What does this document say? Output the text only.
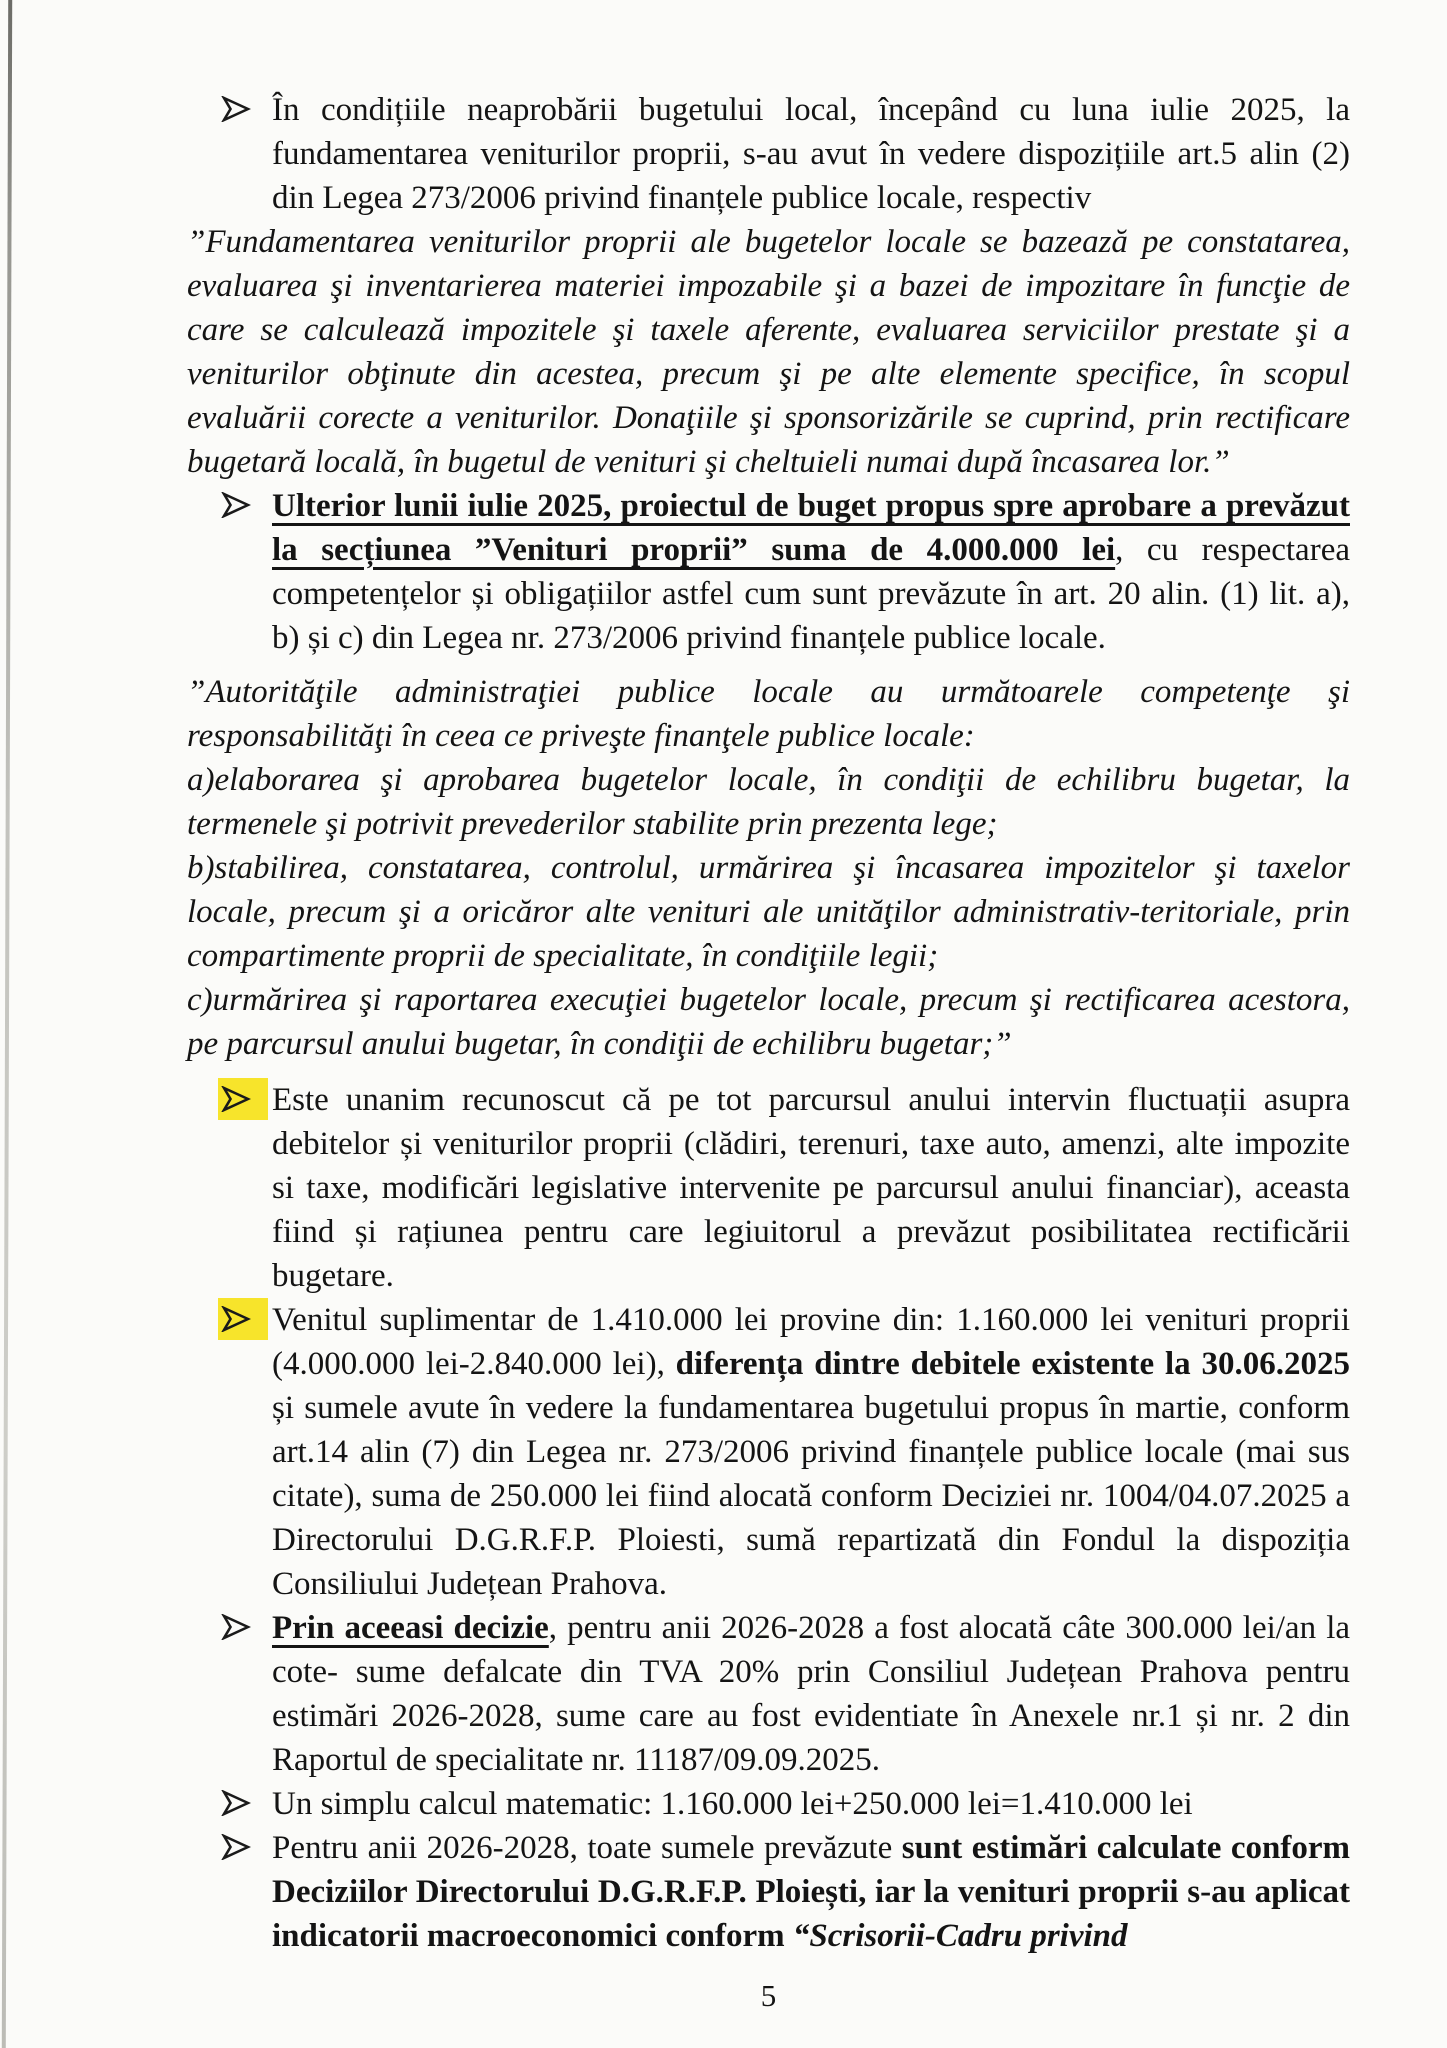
În condițiile neaprobării bugetului local, începând cu luna iulie 2025, la fundamentarea veniturilor proprii, s-au avut în vedere dispozițiile art.5 alin (2) din Legea 273/2006 privind finanțele publice locale, respectiv

”Fundamentarea veniturilor proprii ale bugetelor locale se bazează pe constatarea, evaluarea şi inventarierea materiei impozabile şi a bazei de impozitare în funcţie de care se calculează impozitele şi taxele aferente, evaluarea serviciilor prestate şi a veniturilor obţinute din acestea, precum şi pe alte elemente specifice, în scopul evaluării corecte a veniturilor. Donaţiile şi sponsorizările se cuprind, prin rectificare bugetară locală, în bugetul de venituri şi cheltuieli numai după încasarea lor.”

Ulterior lunii iulie 2025, proiectul de buget propus spre aprobare a prevăzut la secțiunea ”Venituri proprii” suma de 4.000.000 lei, cu respectarea competențelor și obligațiilor astfel cum sunt prevăzute în art. 20 alin. (1) lit. a), b) și c) din Legea nr. 273/2006 privind finanțele publice locale.

”Autorităţile administraţiei publice locale au următoarele competenţe şi responsabilităţi în ceea ce priveşte finanţele publice locale:

a)elaborarea şi aprobarea bugetelor locale, în condiţii de echilibru bugetar, la termenele şi potrivit prevederilor stabilite prin prezenta lege;

b)stabilirea, constatarea, controlul, urmărirea şi încasarea impozitelor şi taxelor locale, precum şi a oricăror alte venituri ale unităţilor administrativ-teritoriale, prin compartimente proprii de specialitate, în condiţiile legii;

c)urmărirea şi raportarea execuţiei bugetelor locale, precum şi rectificarea acestora, pe parcursul anului bugetar, în condiţii de echilibru bugetar;”

Este unanim recunoscut că pe tot parcursul anului intervin fluctuații asupra debitelor și veniturilor proprii (clădiri, terenuri, taxe auto, amenzi, alte impozite si taxe, modificări legislative intervenite pe parcursul anului financiar), aceasta fiind și rațiunea pentru care legiuitorul a prevăzut posibilitatea rectificării bugetare.
Venitul suplimentar de 1.410.000 lei provine din: 1.160.000 lei venituri proprii (4.000.000 lei-2.840.000 lei), diferența dintre debitele existente la 30.06.2025 și sumele avute în vedere la fundamentarea bugetului propus în martie, conform art.14 alin (7) din Legea nr. 273/2006 privind finanțele publice locale (mai sus citate), suma de 250.000 lei fiind alocată conform Deciziei nr. 1004/04.07.2025 a Directorului D.G.R.F.P. Ploiesti, sumă repartizată din Fondul la dispoziția Consiliului Județean Prahova.
Prin aceeasi decizie, pentru anii 2026-2028 a fost alocată câte 300.000 lei/an la cote- sume defalcate din TVA 20% prin Consiliul Județean Prahova pentru estimări 2026-2028, sume care au fost evidentiate în Anexele nr.1 și nr. 2 din Raportul de specialitate nr. 11187/09.09.2025.
Un simplu calcul matematic: 1.160.000 lei+250.000 lei=1.410.000 lei
Pentru anii 2026-2028, toate sumele prevăzute sunt estimări calculate conform Deciziilor Directorului D.G.R.F.P. Ploiești, iar la venituri proprii s-au aplicat indicatorii macroeconomici conform “Scrisorii-Cadru privind
5
